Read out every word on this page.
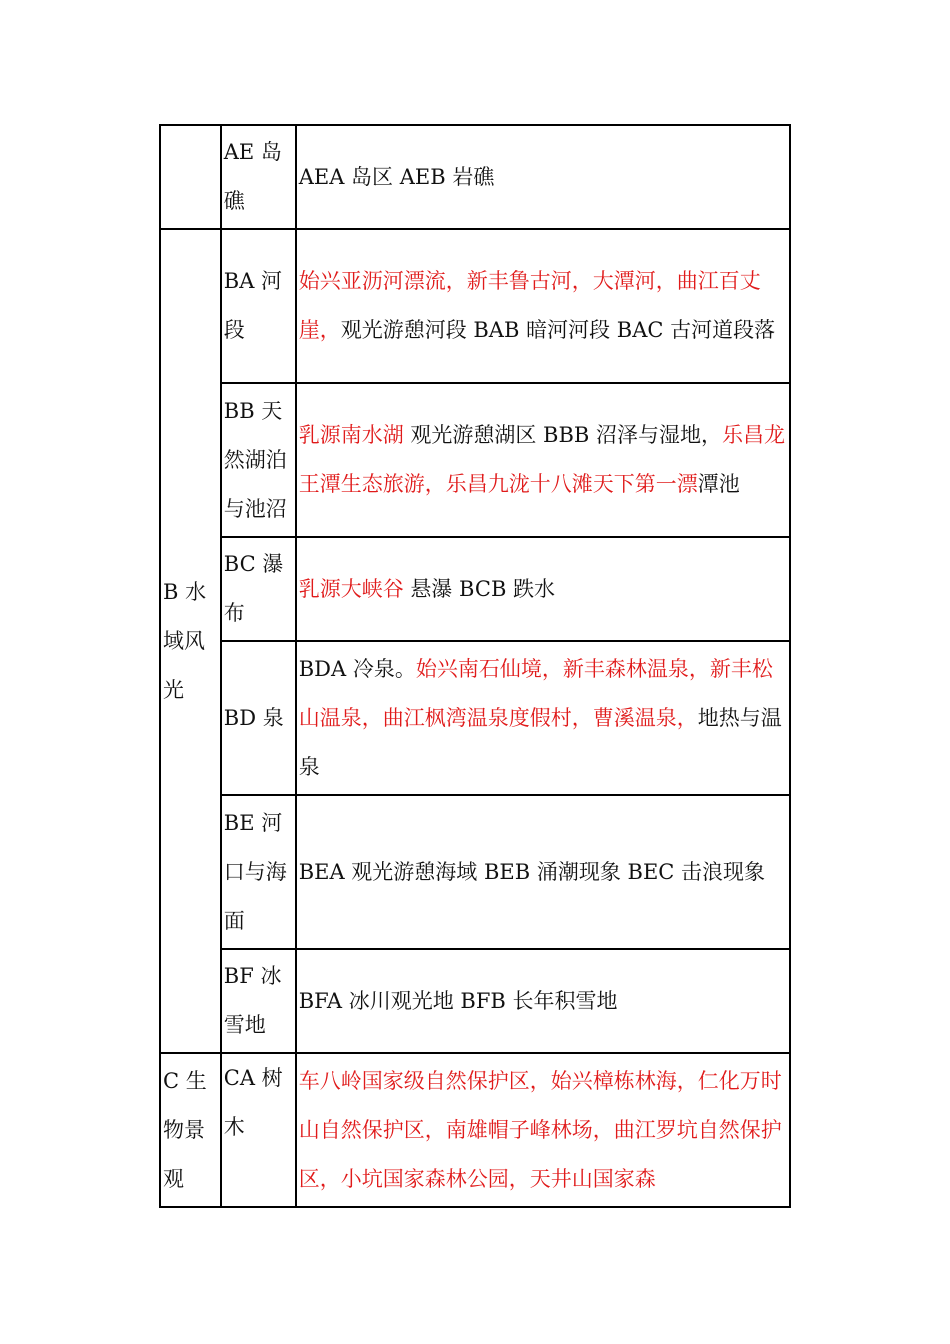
	AE 岛礁	AEA 岛区 AEB 岩礁
B 水域风光	BA 河段	始兴亚沥河漂流，新丰鲁古河，大潭河，曲江百丈崖，观光游憩河段 BAB 暗河河段 BAC 古河道段落
	BB 天然湖泊与池沼	乳源南水湖 观光游憩湖区 BBB 沼泽与湿地，乐昌龙王潭生态旅游，乐昌九泷十八滩天下第一漂潭池
	BC 瀑布	乳源大峡谷 悬瀑 BCB 跌水
	BD 泉	BDA 冷泉。始兴南石仙境，新丰森林温泉，新丰松山温泉，曲江枫湾温泉度假村，曹溪温泉，地热与温泉
	BE 河口与海面	BEA 观光游憩海域 BEB 涌潮现象 BEC 击浪现象
	BF 冰雪地	BFA 冰川观光地 BFB 长年积雪地
C 生物景观	CA 树木	车八岭国家级自然保护区，始兴樟栋林海，仁化万时山自然保护区，南雄帽子峰林场，曲江罗坑自然保护区，小坑国家森林公园，天井山国家森
